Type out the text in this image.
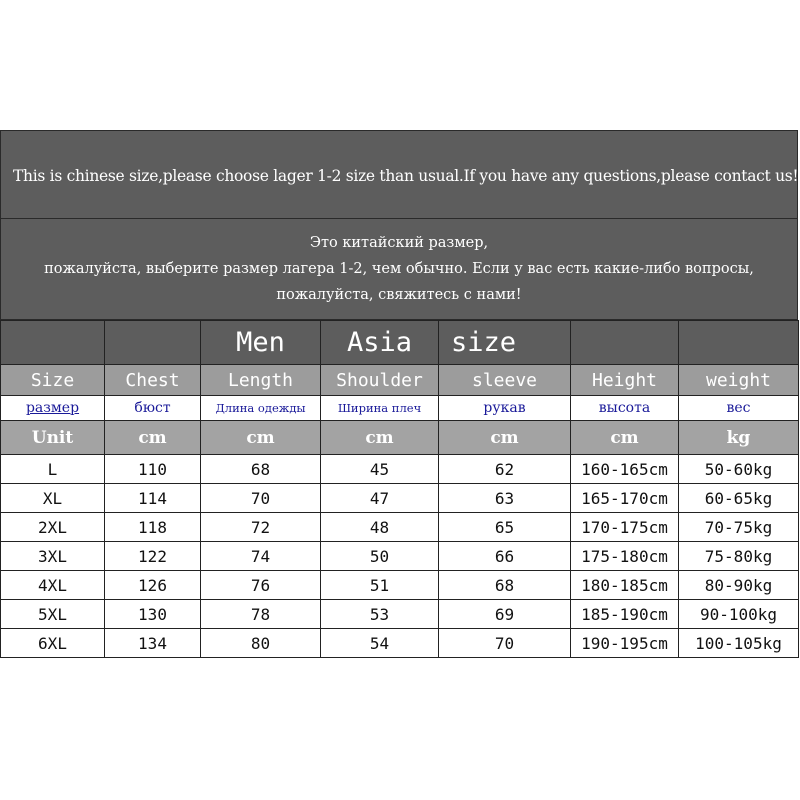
This is chinese size,please choose lager 1-2 size than usual.If you have any questions,please contact us!
Это китайский размер,
пожалуйста, выберите размер лагера 1-2, чем обычно. Если у вас есть какие-либо вопросы,
пожалуйста, свяжитесь с нами!
		Men	Asia	size		
Size	Chest	Length	Shoulder	sleeve	Height	weight
размер	бюст	Длина одежды	Ширина плеч	рукав	высота	вес
Unit	cm	cm	cm	cm	cm	kg
L	110	68	45	62	160-165cm	50-60kg
XL	114	70	47	63	165-170cm	60-65kg
2XL	118	72	48	65	170-175cm	70-75kg
3XL	122	74	50	66	175-180cm	75-80kg
4XL	126	76	51	68	180-185cm	80-90kg
5XL	130	78	53	69	185-190cm	90-100kg
6XL	134	80	54	70	190-195cm	100-105kg
